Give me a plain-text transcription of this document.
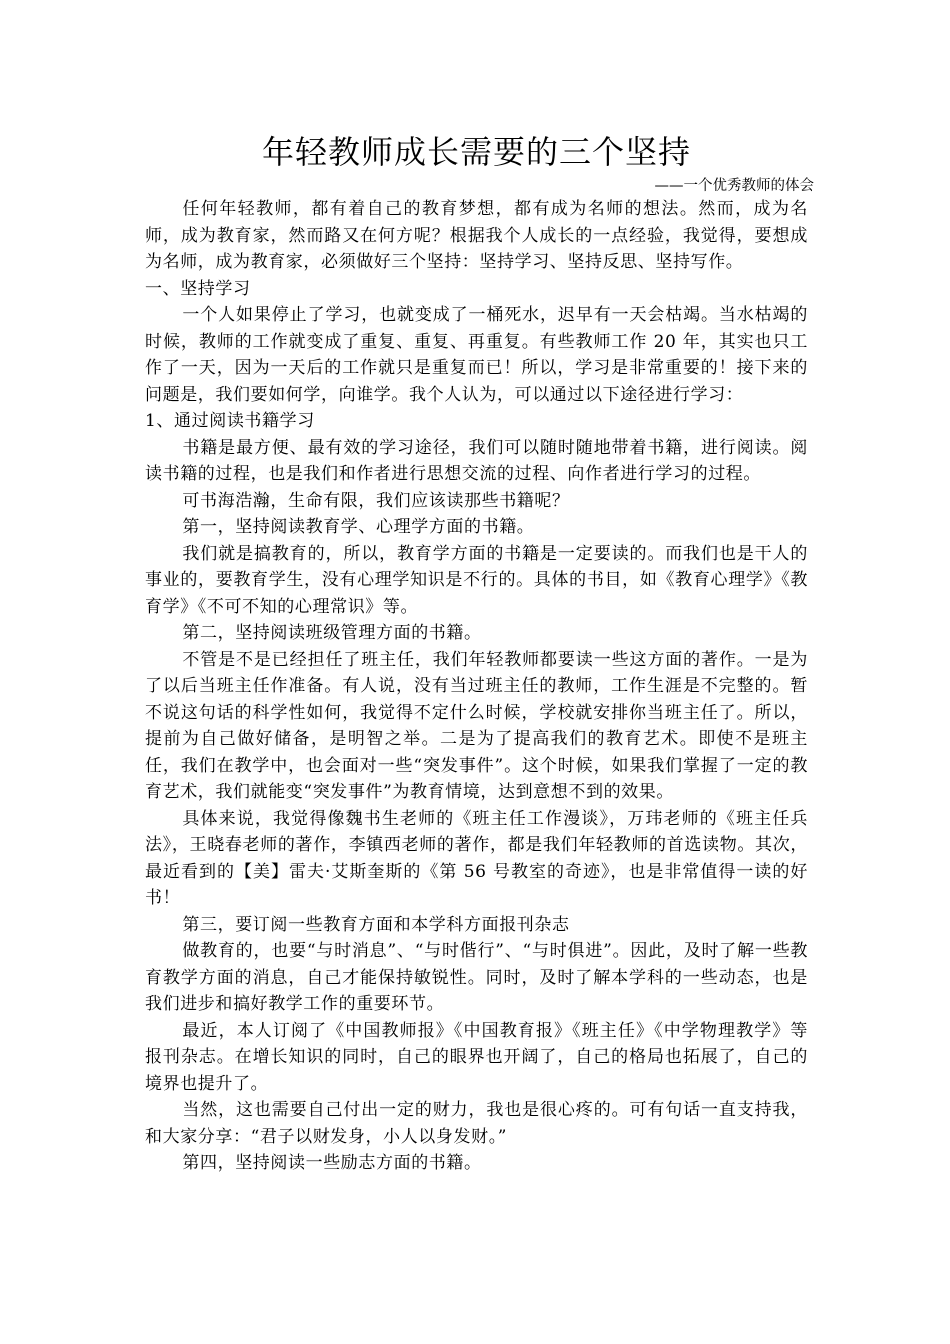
年轻教师成长需要的三个坚持
——一个优秀教师的体会

任何年轻教师，都有着自己的教育梦想，都有成为名师的想法。然而，成为名师，成为教育家，然而路又在何方呢？根据我个人成长的一点经验，我觉得，要想成为名师，成为教育家，必须做好三个坚持：坚持学习、坚持反思、坚持写作。

一、坚持学习

一个人如果停止了学习，也就变成了一桶死水，迟早有一天会枯竭。当水枯竭的时候，教师的工作就变成了重复、重复、再重复。有些教师工作 20 年，其实也只工作了一天，因为一天后的工作就只是重复而已！所以，学习是非常重要的！接下来的问题是，我们要如何学，向谁学。我个人认为，可以通过以下途径进行学习：

1、通过阅读书籍学习

书籍是最方便、最有效的学习途径，我们可以随时随地带着书籍，进行阅读。阅读书籍的过程，也是我们和作者进行思想交流的过程、向作者进行学习的过程。

可书海浩瀚，生命有限，我们应该读那些书籍呢？

第一，坚持阅读教育学、心理学方面的书籍。

我们就是搞教育的，所以，教育学方面的书籍是一定要读的。而我们也是干人的事业的，要教育学生，没有心理学知识是不行的。具体的书目，如《教育心理学》《教育学》《不可不知的心理常识》等。

第二，坚持阅读班级管理方面的书籍。

不管是不是已经担任了班主任，我们年轻教师都要读一些这方面的著作。一是为了以后当班主任作准备。有人说，没有当过班主任的教师，工作生涯是不完整的。暂不说这句话的科学性如何，我觉得不定什么时候，学校就安排你当班主任了。所以，提前为自己做好储备，是明智之举。二是为了提高我们的教育艺术。即使不是班主任，我们在教学中，也会面对一些“突发事件”。这个时候，如果我们掌握了一定的教育艺术，我们就能变“突发事件”为教育情境，达到意想不到的效果。

具体来说，我觉得像魏书生老师的《班主任工作漫谈》，万玮老师的《班主任兵法》，王晓春老师的著作，李镇西老师的著作，都是我们年轻教师的首选读物。其次，最近看到的【美】雷夫·艾斯奎斯的《第 56 号教室的奇迹》，也是非常值得一读的好书！

第三，要订阅一些教育方面和本学科方面报刊杂志

做教育的，也要“与时消息”、“与时偕行”、“与时俱进”。因此，及时了解一些教育教学方面的消息，自己才能保持敏锐性。同时，及时了解本学科的一些动态，也是我们进步和搞好教学工作的重要环节。

最近，本人订阅了《中国教师报》《中国教育报》《班主任》《中学物理教学》等报刊杂志。在增长知识的同时，自己的眼界也开阔了，自己的格局也拓展了，自己的境界也提升了。

当然，这也需要自己付出一定的财力，我也是很心疼的。可有句话一直支持我，和大家分享：“君子以财发身，小人以身发财。”

第四，坚持阅读一些励志方面的书籍。
